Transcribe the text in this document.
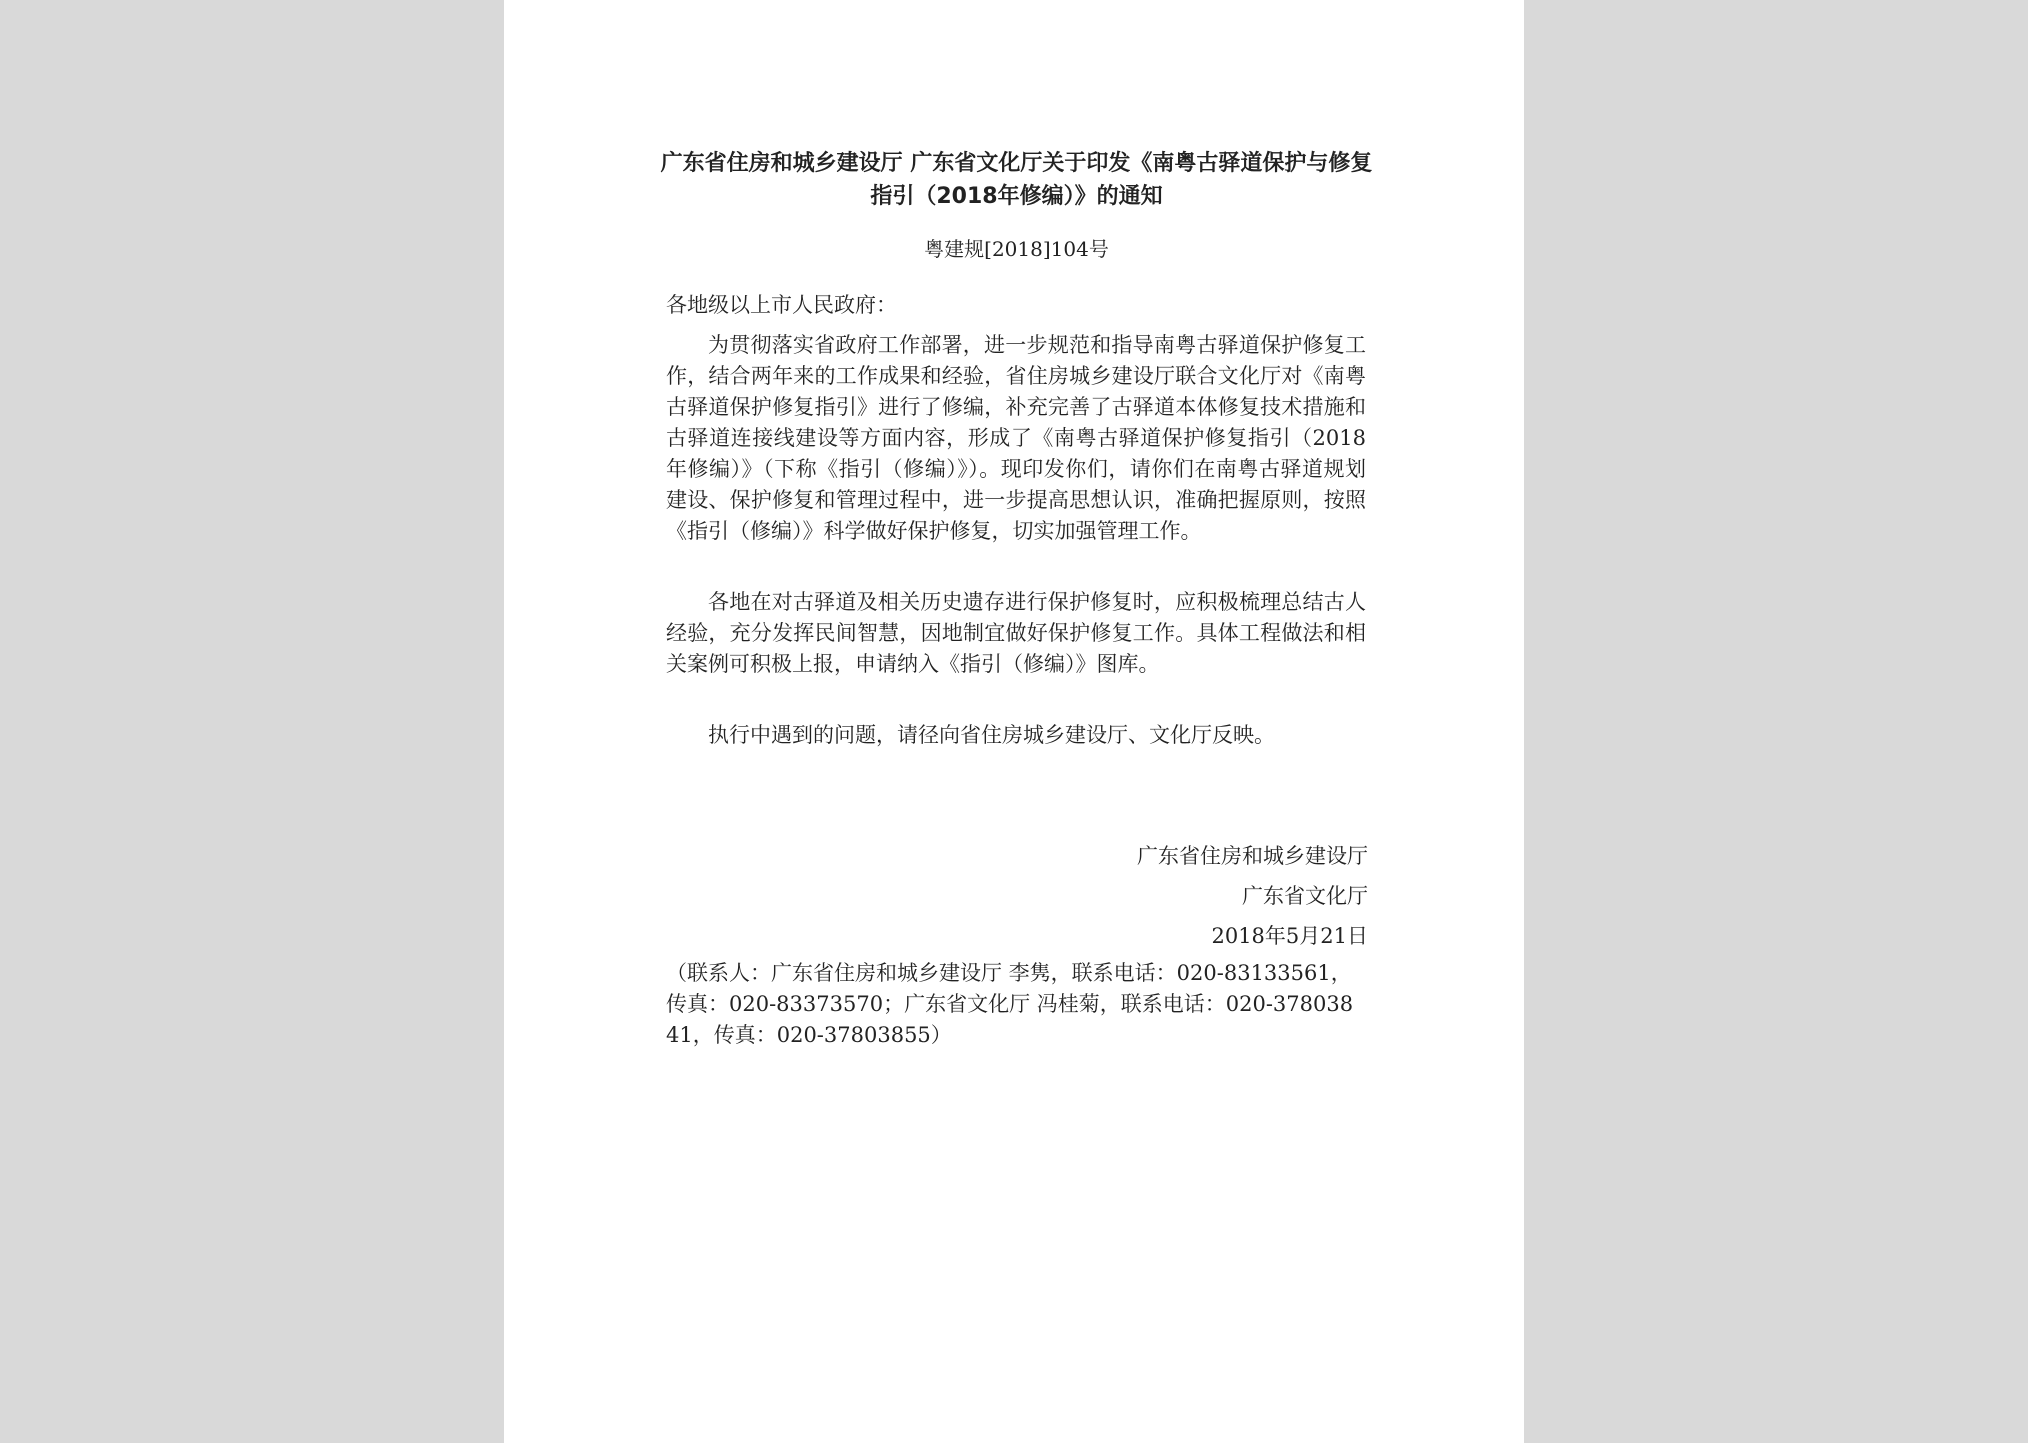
广东省住房和城乡建设厅 广东省文化厅关于印发《南粤古驿道保护与修复指引（2018年修编）》的通知
粤建规[2018]104号
各地级以上市人民政府：

为贯彻落实省政府工作部署，进一步规范和指导南粤古驿道保护修复工作，结合两年来的工作成果和经验，省住房城乡建设厅联合文化厅对《南粤古驿道保护修复指引》进行了修编，补充完善了古驿道本体修复技术措施和古驿道连接线建设等方面内容，形成了《南粤古驿道保护修复指引（2018年修编）》（下称《指引（修编）》）。现印发你们，请你们在南粤古驿道规划建设、保护修复和管理过程中，进一步提高思想认识，准确把握原则，按照《指引（修编）》科学做好保护修复，切实加强管理工作。

各地在对古驿道及相关历史遗存进行保护修复时，应积极梳理总结古人经验，充分发挥民间智慧，因地制宜做好保护修复工作。具体工程做法和相关案例可积极上报，申请纳入《指引（修编）》图库。

执行中遇到的问题，请径向省住房城乡建设厅、文化厅反映。

广东省住房和城乡建设厅
广东省文化厅
2018年5月21日

（联系人：广东省住房和城乡建设厅 李隽，联系电话：020-83133561，传真：020-83373570；广东省文化厅 冯桂菊，联系电话：020-37803841，传真：020-37803855）
